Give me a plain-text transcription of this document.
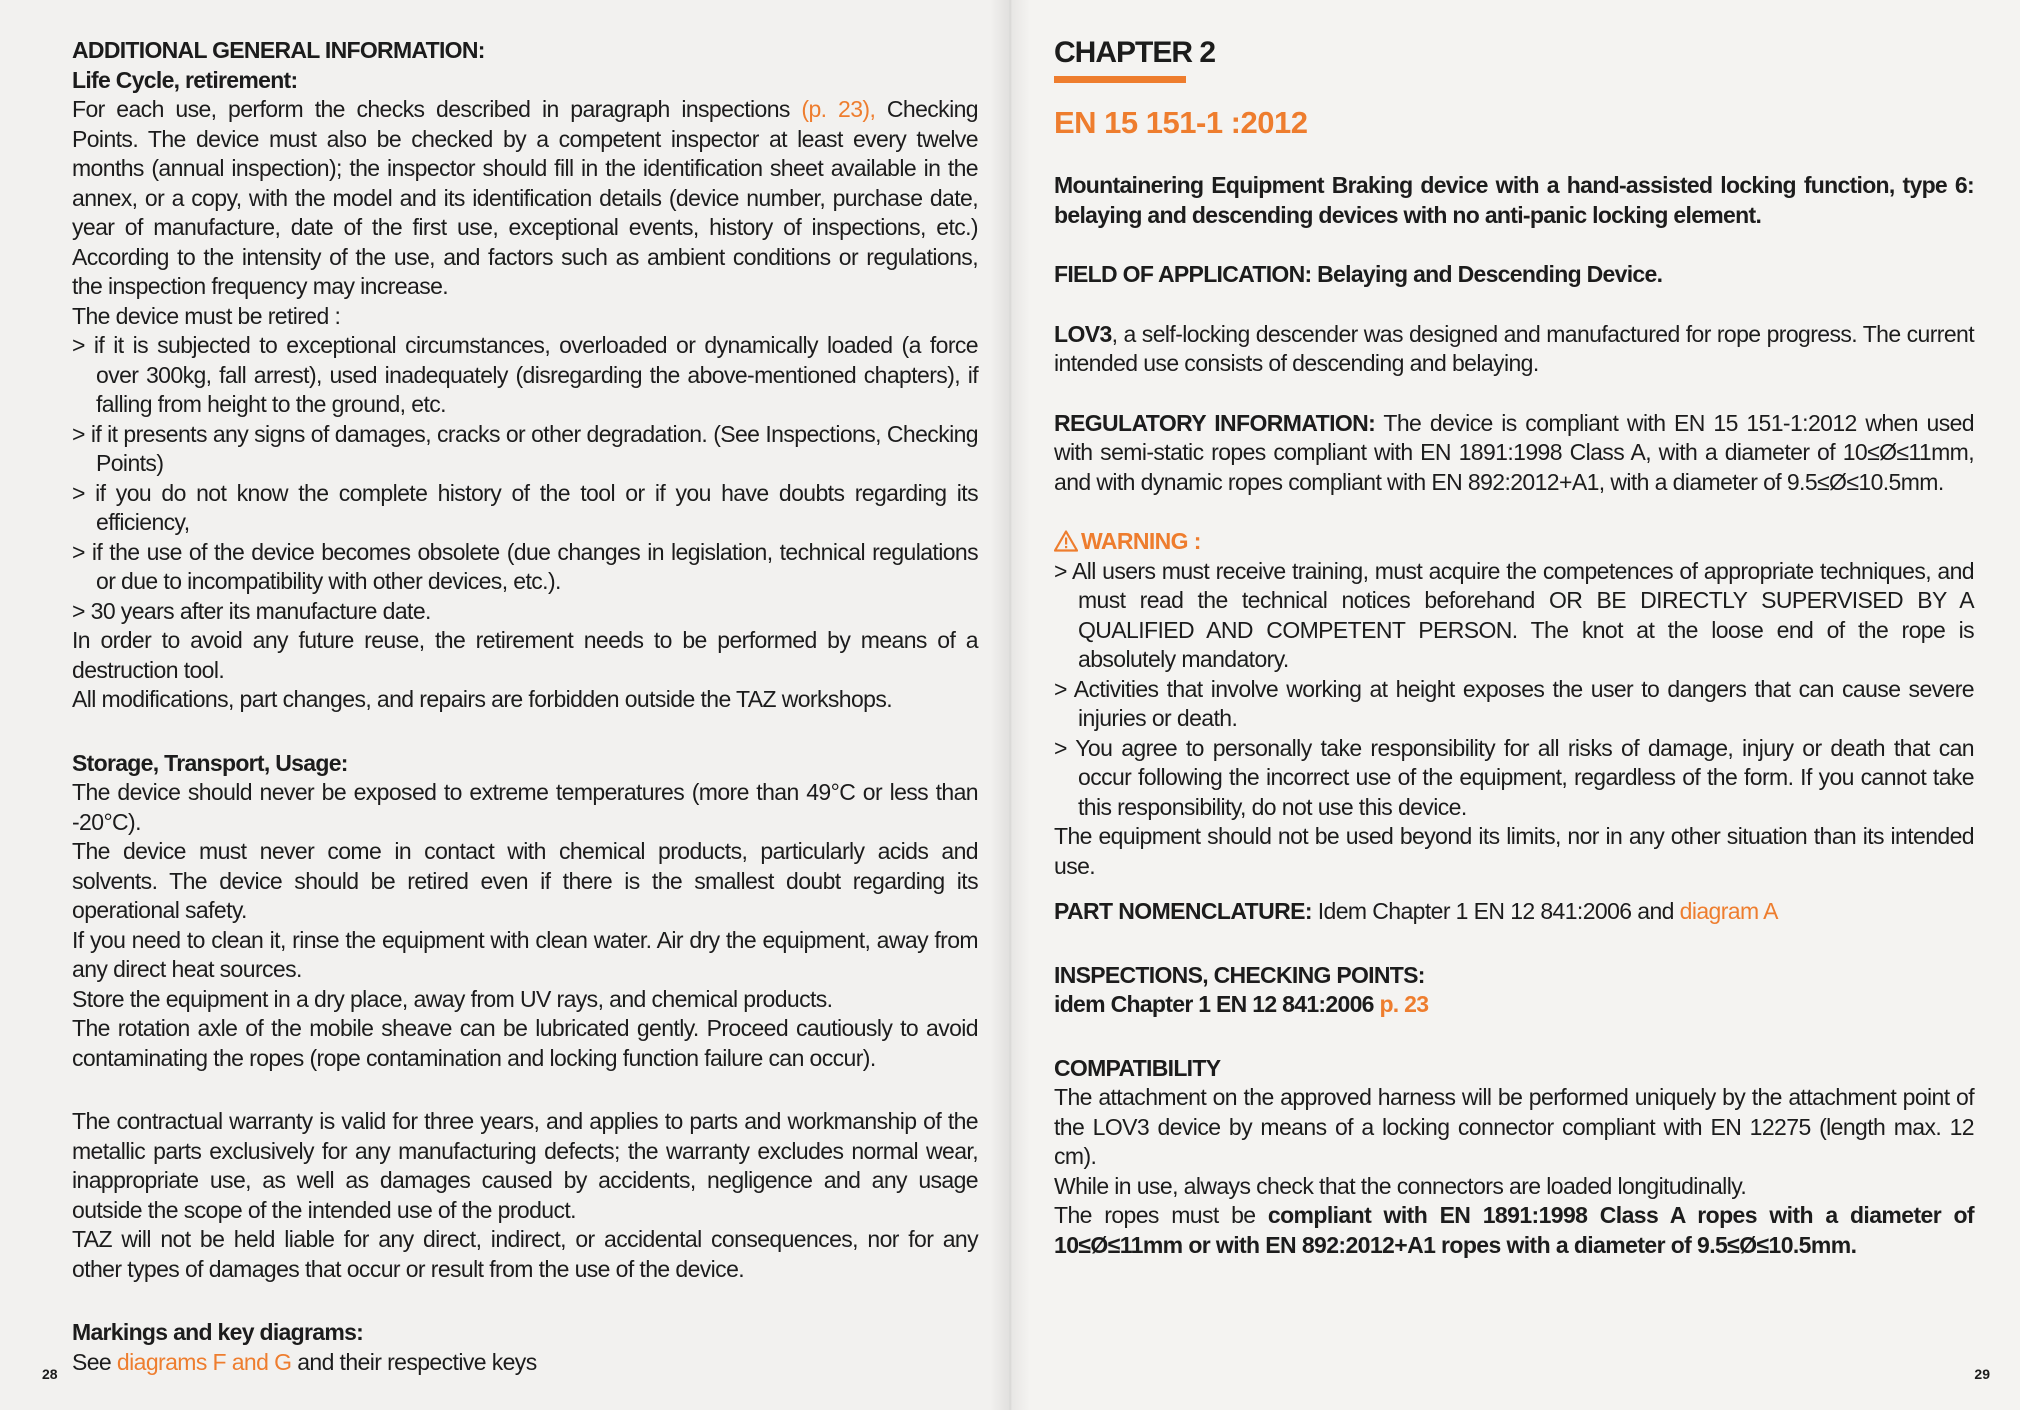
ADDITIONAL GENERAL INFORMATION:

Life Cycle, retirement:

For each use, perform the checks described in paragraph inspections (p. 23), Checking Points. The device must also be checked by a competent inspector at least every twelve months (annual inspection); the inspector should fill in the identification sheet available in the annex, or a copy, with the model and its identification details (device number, purchase date, year of manufacture, date of the first use, exceptional events, history of inspections, etc.) According to the intensity of the use, and factors such as ambient conditions or regulations, the inspection frequency may increase.

The device must be retired :

> if it is subjected to exceptional circumstances, overloaded or dynamically loaded (a force over 300kg, fall arrest), used inadequately (disregarding the above-mentioned chapters), if falling from height to the ground, etc.

> if it presents any signs of damages, cracks or other degradation. (See Inspections, Checking Points)

> if you do not know the complete history of the tool or if you have doubts regarding its efficiency,

> if the use of the device becomes obsolete (due changes in legislation, technical regulations or due to incompatibility with other devices, etc.).

> 30 years after its manufacture date.

In order to avoid any future reuse, the retirement needs to be performed by means of a destruction tool.

All modifications, part changes, and repairs are forbidden outside the TAZ workshops.

Storage, Transport, Usage:

The device should never be exposed to extreme temperatures (more than 49°C or less than -20°C).

The device must never come in contact with chemical products, particularly acids and solvents. The device should be retired even if there is the smallest doubt regarding its operational safety.

If you need to clean it, rinse the equipment with clean water. Air dry the equipment, away from any direct heat sources.

Store the equipment in a dry place, away from UV rays, and chemical products.

The rotation axle of the mobile sheave can be lubricated gently. Proceed cautiously to avoid contaminating the ropes (rope contamination and locking function failure can occur).

The contractual warranty is valid for three years, and applies to parts and workmanship of the metallic parts exclusively for any manufacturing defects; the warranty excludes normal wear, inappropriate use, as well as damages caused by accidents, negligence and any usage outside the scope of the intended use of the product.

TAZ will not be held liable for any direct, indirect, or accidental consequences, nor for any other types of damages that occur or result from the use of the device.

Markings and key diagrams:

See diagrams F and G and their respective keys

28
CHAPTER 2
EN 15 151-1 :2012

Mountainering Equipment Braking device with a hand-assisted locking function, type 6: belaying and descending devices with no anti-panic locking element.

FIELD OF APPLICATION: Belaying and Descending Device.

LOV3, a self-locking descender was designed and manufactured for rope progress. The current intended use consists of descending and belaying.

REGULATORY INFORMATION: The device is compliant with EN 15 151-1:2012 when used with semi-static ropes compliant with EN 1891:1998 Class A, with a diameter of 10≤Ø≤11mm, and with dynamic ropes compliant with EN 892:2012+A1, with a diameter of 9.5≤Ø≤10.5mm.

WARNING :

> All users must receive training, must acquire the competences of appropriate techniques, and must read the technical notices beforehand OR BE DIRECTLY SUPERVISED BY A QUALIFIED AND COMPETENT PERSON. The knot at the loose end of the rope is absolutely mandatory.

> Activities that involve working at height exposes the user to dangers that can cause severe injuries or death.

> You agree to personally take responsibility for all risks of damage, injury or death that can occur following the incorrect use of the equipment, regardless of the form. If you cannot take this responsibility, do not use this device.

The equipment should not be used beyond its limits, nor in any other situation than its intended use.

PART NOMENCLATURE: Idem Chapter 1 EN 12 841:2006 and diagram A

INSPECTIONS, CHECKING POINTS:

idem Chapter 1 EN 12 841:2006 p. 23

COMPATIBILITY

The attachment on the approved harness will be performed uniquely by the attachment point of the LOV3 device by means of a locking connector compliant with EN 12275 (length max. 12 cm).

While in use, always check that the connectors are loaded longitudinally.

The ropes must be compliant with EN 1891:1998 Class A ropes with a diameter of 10≤Ø≤11mm or with EN 892:2012+A1 ropes with a diameter of 9.5≤Ø≤10.5mm.

29
